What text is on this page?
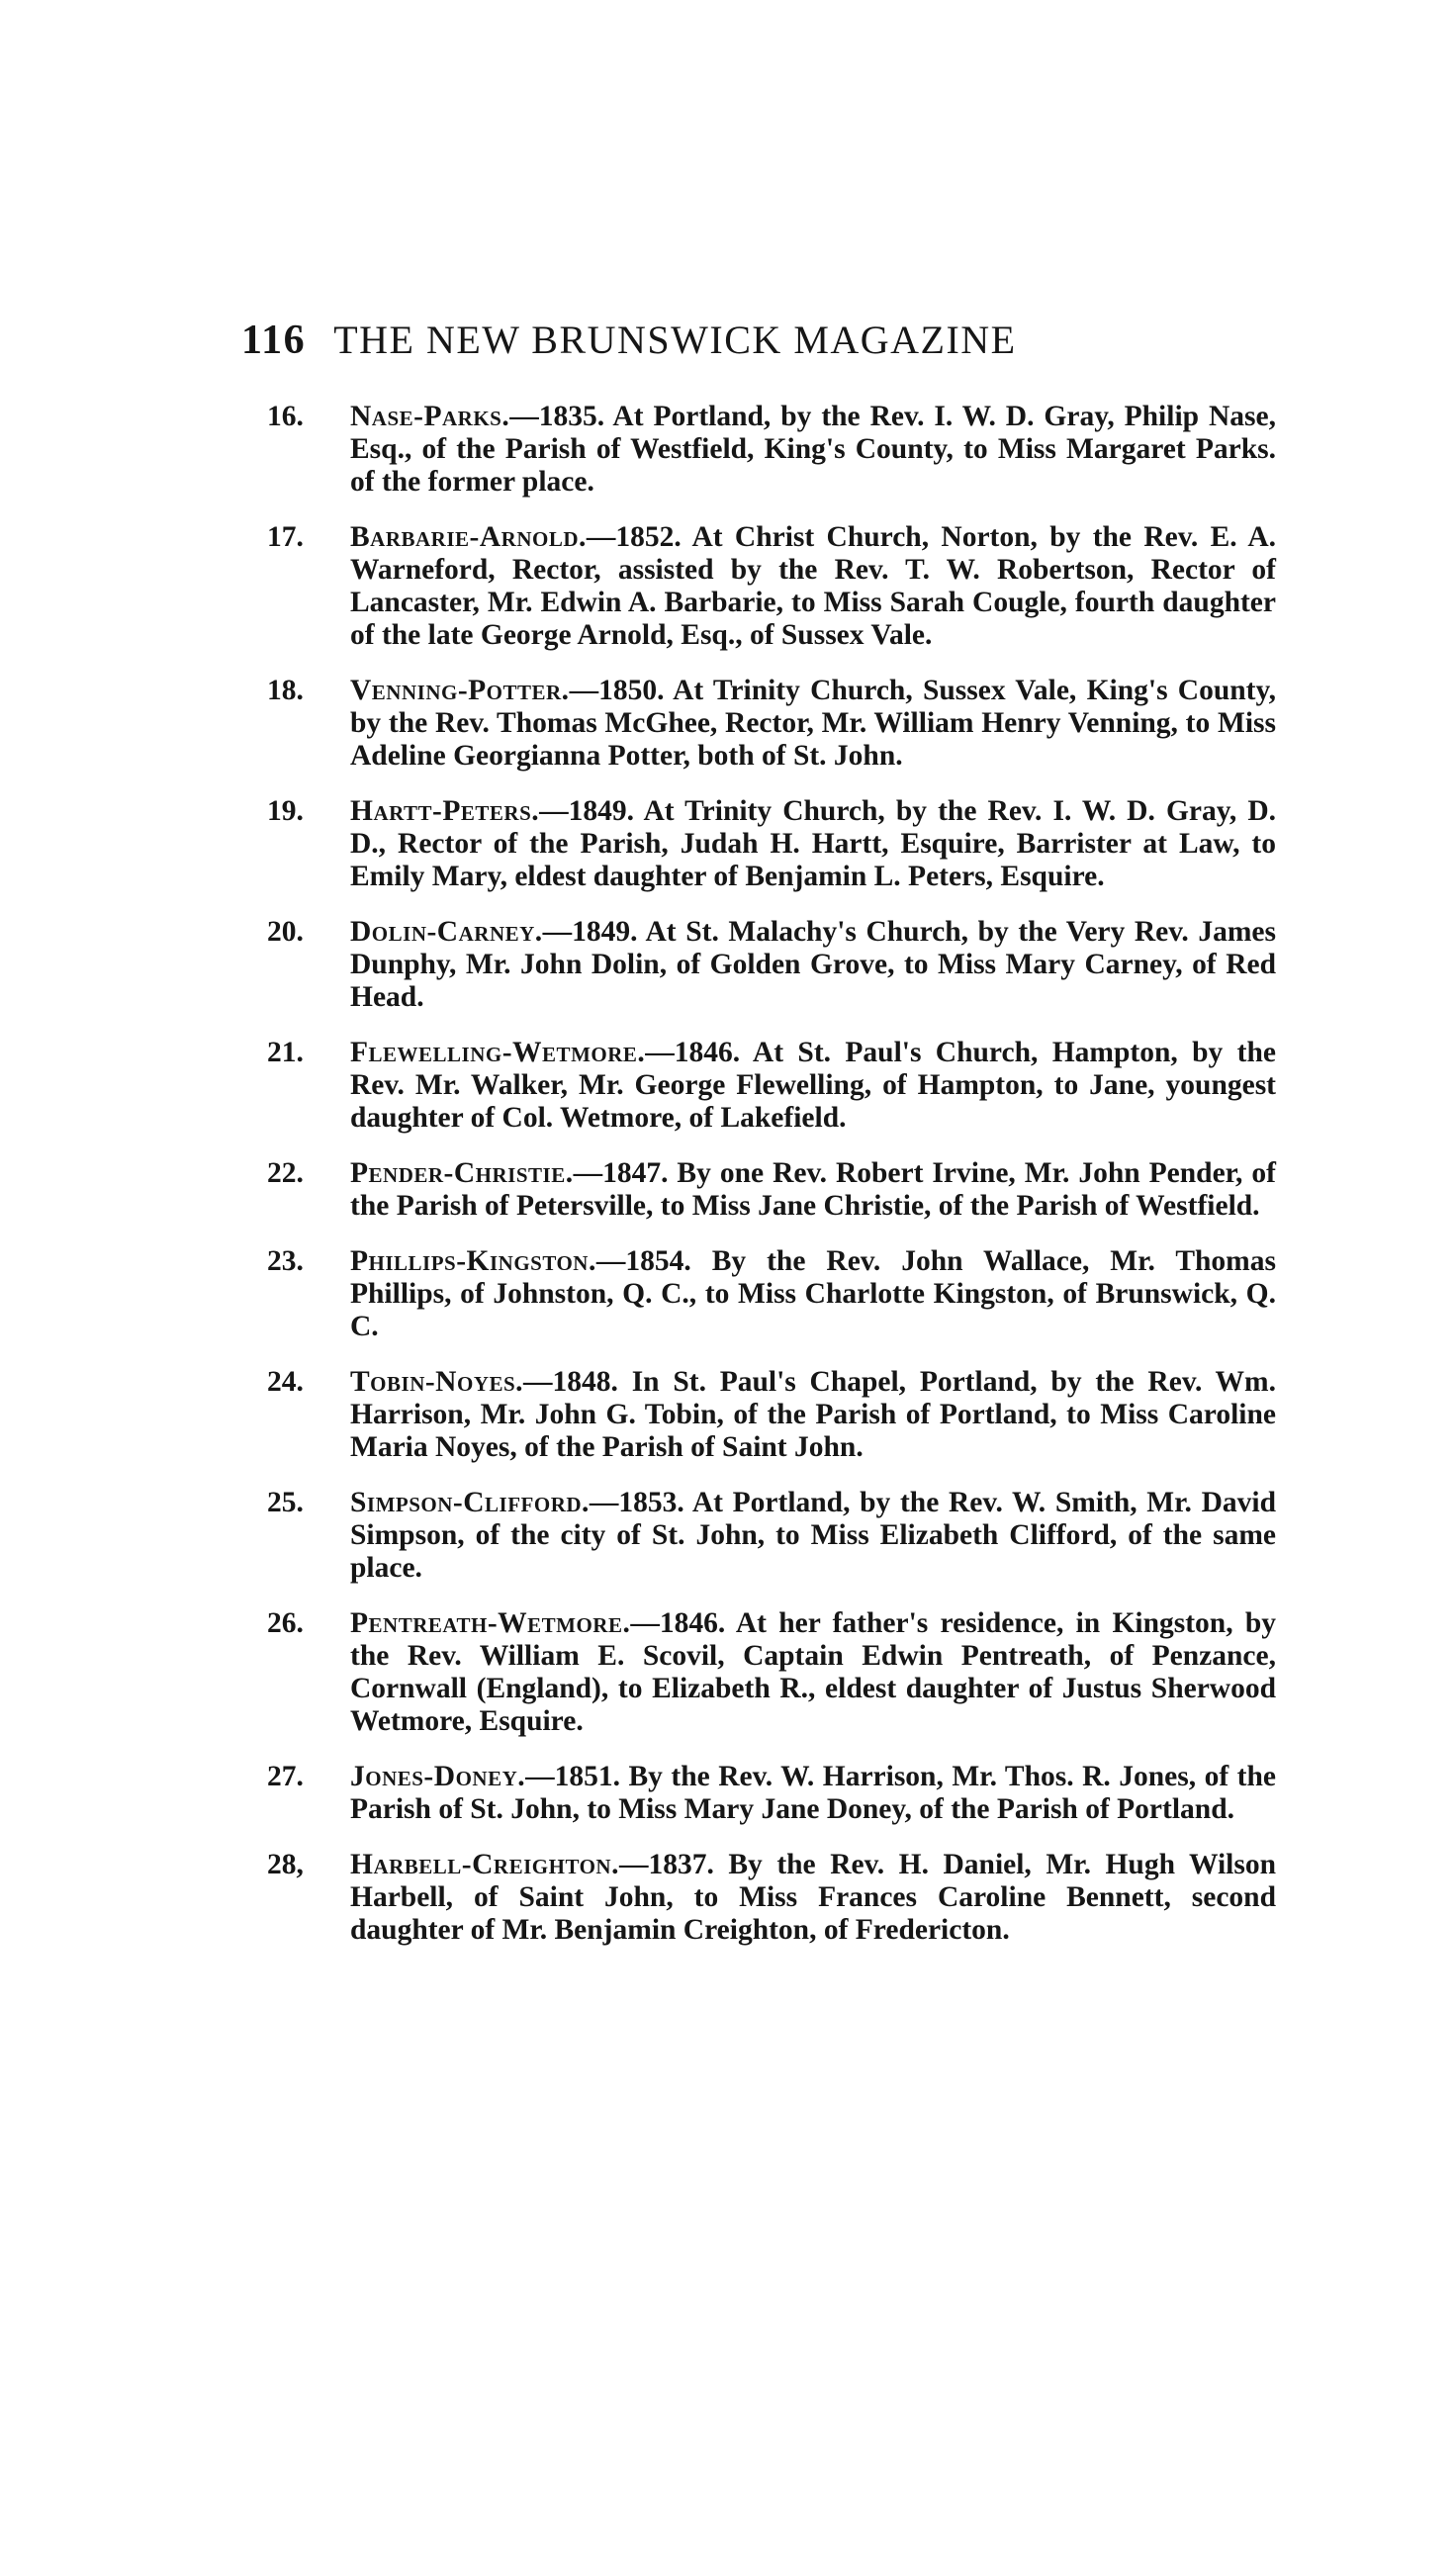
116 THE NEW BRUNSWICK MAGAZINE
16.	Nase-Parks.—1835. At Portland, by the Rev. I. W. D. Gray, Philip Nase, Esq., of the Parish of Westfield, King's County, to Miss Margaret Parks. of the former place.
17.	Barbarie-Arnold.—1852. At Christ Church, Norton, by the Rev. E. A. Warneford, Rector, assisted by the Rev. T. W. Robertson, Rector of Lancaster, Mr. Edwin A. Barbarie, to Miss Sarah Cougle, fourth daughter of the late George Arnold, Esq., of Sussex Vale.
18.	Venning-Potter.—1850. At Trinity Church, Sussex Vale, King's County, by the Rev. Thomas McGhee, Rector, Mr. William Henry Venning, to Miss Adeline Georgianna Potter, both of St. John.
19.	Hartt-Peters.—1849. At Trinity Church, by the Rev. I. W. D. Gray, D. D., Rector of the Parish, Judah H. Hartt, Esquire, Barrister at Law, to Emily Mary, eldest daughter of Benjamin L. Peters, Esquire.
20.	Dolin-Carney.—1849. At St. Malachy's Church, by the Very Rev. James Dunphy, Mr. John Dolin, of Golden Grove, to Miss Mary Carney, of Red Head.
21.	Flewelling-Wetmore.—1846. At St. Paul's Church, Hampton, by the Rev. Mr. Walker, Mr. George Flewelling, of Hampton, to Jane, youngest daughter of Col. Wetmore, of Lakefield.
22.	Pender-Christie.—1847. By one Rev. Robert Irvine, Mr. John Pender, of the Parish of Petersville, to Miss Jane Christie, of the Parish of Westfield.
23.	Phillips-Kingston.—1854. By the Rev. John Wallace, Mr. Thomas Phillips, of Johnston, Q. C., to Miss Charlotte Kingston, of Brunswick, Q. C.
24.	Tobin-Noyes.—1848. In St. Paul's Chapel, Portland, by the Rev. Wm. Harrison, Mr. John G. Tobin, of the Parish of Portland, to Miss Caroline Maria Noyes, of the Parish of Saint John.
25.	Simpson-Clifford.—1853. At Portland, by the Rev. W. Smith, Mr. David Simpson, of the city of St. John, to Miss Elizabeth Clifford, of the same place.
26.	Pentreath-Wetmore.—1846. At her father's residence, in Kingston, by the Rev. William E. Scovil, Captain Edwin Pentreath, of Penzance, Cornwall (England), to Elizabeth R., eldest daughter of Justus Sherwood Wetmore, Esquire.
27.	Jones-Doney.—1851. By the Rev. W. Harrison, Mr. Thos. R. Jones, of the Parish of St. John, to Miss Mary Jane Doney, of the Parish of Portland.
28,	Harbell-Creighton.—1837. By the Rev. H. Daniel, Mr. Hugh Wilson Harbell, of Saint John, to Miss Frances Caroline Bennett, second daughter of Mr. Benjamin Creighton, of Fredericton.
